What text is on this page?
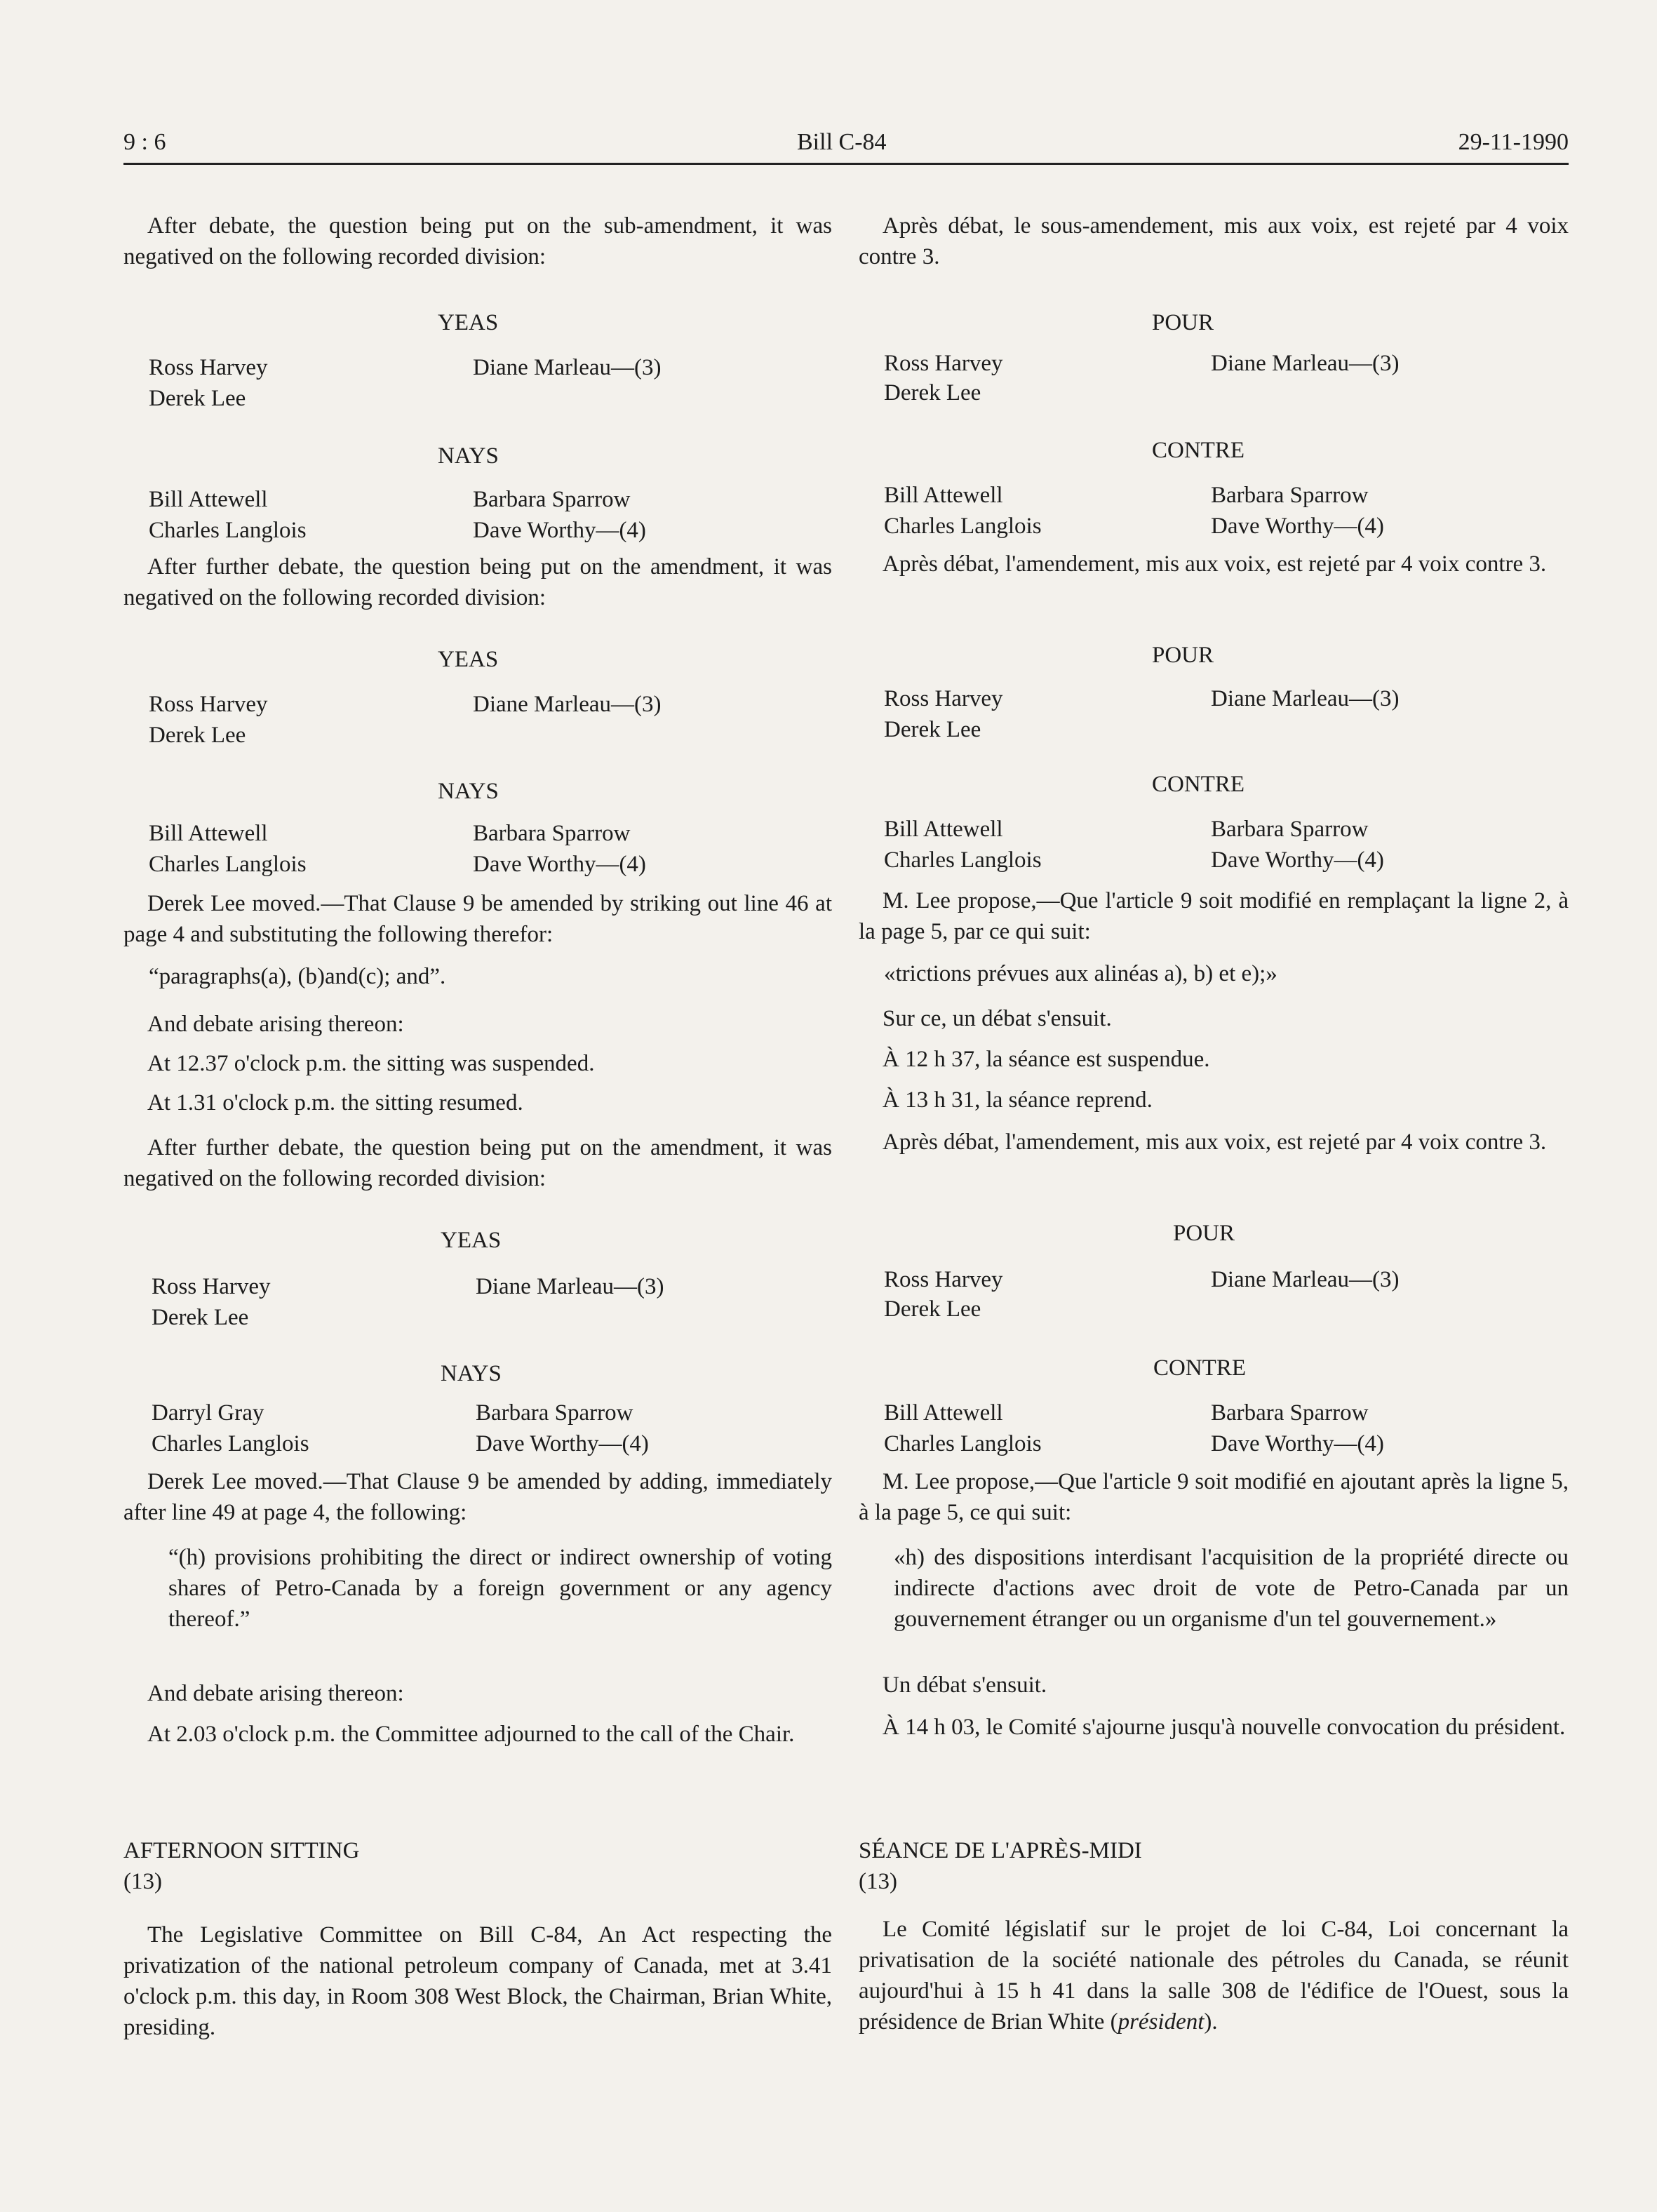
9 : 6	Bill C-84	29-11-1990

After debate, the question being put on the sub-amendment, it was negatived on the following recorded division:

YEAS
Ross Harvey
Derek Lee
Diane Marleau—(3)
NAYS
Bill Attewell
Charles Langlois
Barbara Sparrow
Dave Worthy—(4)

After further debate, the question being put on the amendment, it was negatived on the following recorded division:

YEAS
Ross Harvey
Derek Lee
Diane Marleau—(3)
NAYS
Bill Attewell
Charles Langlois
Barbara Sparrow
Dave Worthy—(4)

Derek Lee moved.—That Clause 9 be amended by striking out line 46 at page 4 and substituting the following therefor:

“paragraphs(a), (b)and(c); and”.

And debate arising thereon:

At 12.37 o'clock p.m. the sitting was suspended.

At 1.31 o'clock p.m. the sitting resumed.

After further debate, the question being put on the amendment, it was negatived on the following recorded division:

YEAS
Ross Harvey
Derek Lee
Diane Marleau—(3)
NAYS
Darryl Gray
Charles Langlois
Barbara Sparrow
Dave Worthy—(4)

Derek Lee moved.—That Clause 9 be amended by adding, immediately after line 49 at page 4, the following:

“(h) provisions prohibiting the direct or indirect ownership of voting shares of Petro-Canada by a foreign government or any agency thereof.”

And debate arising thereon:

At 2.03 o'clock p.m. the Committee adjourned to the call of the Chair.

AFTERNOON SITTING
(13)

The Legislative Committee on Bill C-84, An Act respecting the privatization of the national petroleum company of Canada, met at 3.41 o'clock p.m. this day, in Room 308 West Block, the Chairman, Brian White, presiding.

Après débat, le sous-amendement, mis aux voix, est rejeté par 4 voix contre 3.

POUR
Ross Harvey
Derek Lee
Diane Marleau—(3)
CONTRE
Bill Attewell
Charles Langlois
Barbara Sparrow
Dave Worthy—(4)

Après débat, l'amendement, mis aux voix, est rejeté par 4 voix contre 3.

POUR
Ross Harvey
Derek Lee
Diane Marleau—(3)
CONTRE
Bill Attewell
Charles Langlois
Barbara Sparrow
Dave Worthy—(4)

M. Lee propose,—Que l'article 9 soit modifié en remplaçant la ligne 2, à la page 5, par ce qui suit:

«trictions prévues aux alinéas a), b) et e);»

Sur ce, un débat s'ensuit.

À 12 h 37, la séance est suspendue.

À 13 h 31, la séance reprend.

Après débat, l'amendement, mis aux voix, est rejeté par 4 voix contre 3.

POUR
Ross Harvey
Derek Lee
Diane Marleau—(3)
CONTRE
Bill Attewell
Charles Langlois
Barbara Sparrow
Dave Worthy—(4)

M. Lee propose,—Que l'article 9 soit modifié en ajoutant après la ligne 5, à la page 5, ce qui suit:

«h) des dispositions interdisant l'acquisition de la propriété directe ou indirecte d'actions avec droit de vote de Petro-Canada par un gouvernement étranger ou un organisme d'un tel gouvernement.»

Un débat s'ensuit.

À 14 h 03, le Comité s'ajourne jusqu'à nouvelle convocation du président.

SÉANCE DE L'APRÈS-MIDI
(13)

Le Comité législatif sur le projet de loi C-84, Loi concernant la privatisation de la société nationale des pétroles du Canada, se réunit aujourd'hui à 15 h 41 dans la salle 308 de l'édifice de l'Ouest, sous la présidence de Brian White (président).
